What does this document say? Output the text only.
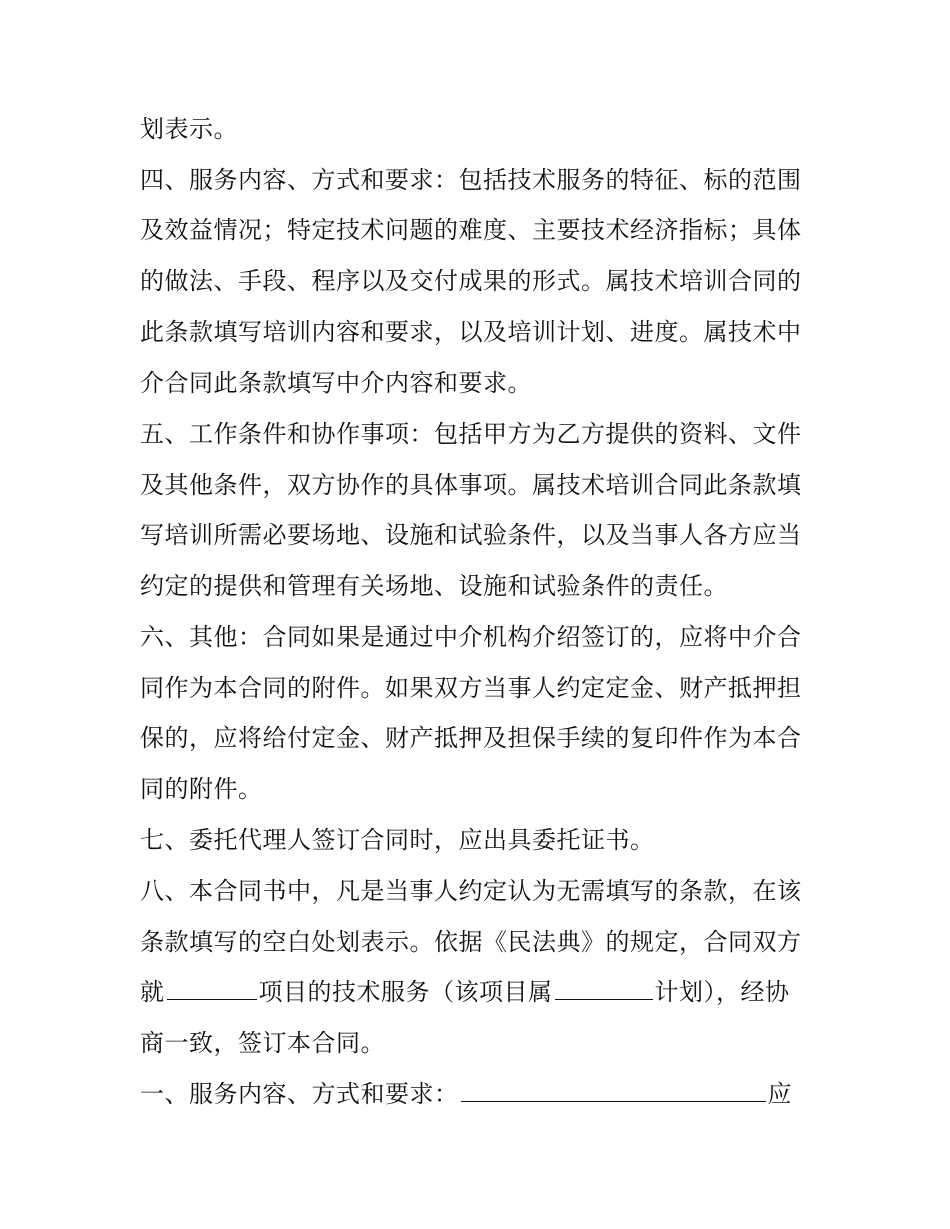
划表示。
四、服务内容、方式和要求：包括技术服务的特征、标的范围
及效益情况；特定技术问题的难度、主要技术经济指标；具体
的做法、手段、程序以及交付成果的形式。属技术培训合同的
此条款填写培训内容和要求，以及培训计划、进度。属技术中
介合同此条款填写中介内容和要求。
五、工作条件和协作事项：包括甲方为乙方提供的资料、文件
及其他条件，双方协作的具体事项。属技术培训合同此条款填
写培训所需必要场地、设施和试验条件，以及当事人各方应当
约定的提供和管理有关场地、设施和试验条件的责任。
六、其他：合同如果是通过中介机构介绍签订的，应将中介合
同作为本合同的附件。如果双方当事人约定定金、财产抵押担
保的，应将给付定金、财产抵押及担保手续的复印件作为本合
同的附件。
七、委托代理人签订合同时，应出具委托证书。
八、本合同书中，凡是当事人约定认为无需填写的条款，在该
条款填写的空白处划表示。依据《民法典》的规定，合同双方
就	项目的技术服务（该项目属	计划），经协
商一致，签订本合同。
一、服务内容、方式和要求：	应
